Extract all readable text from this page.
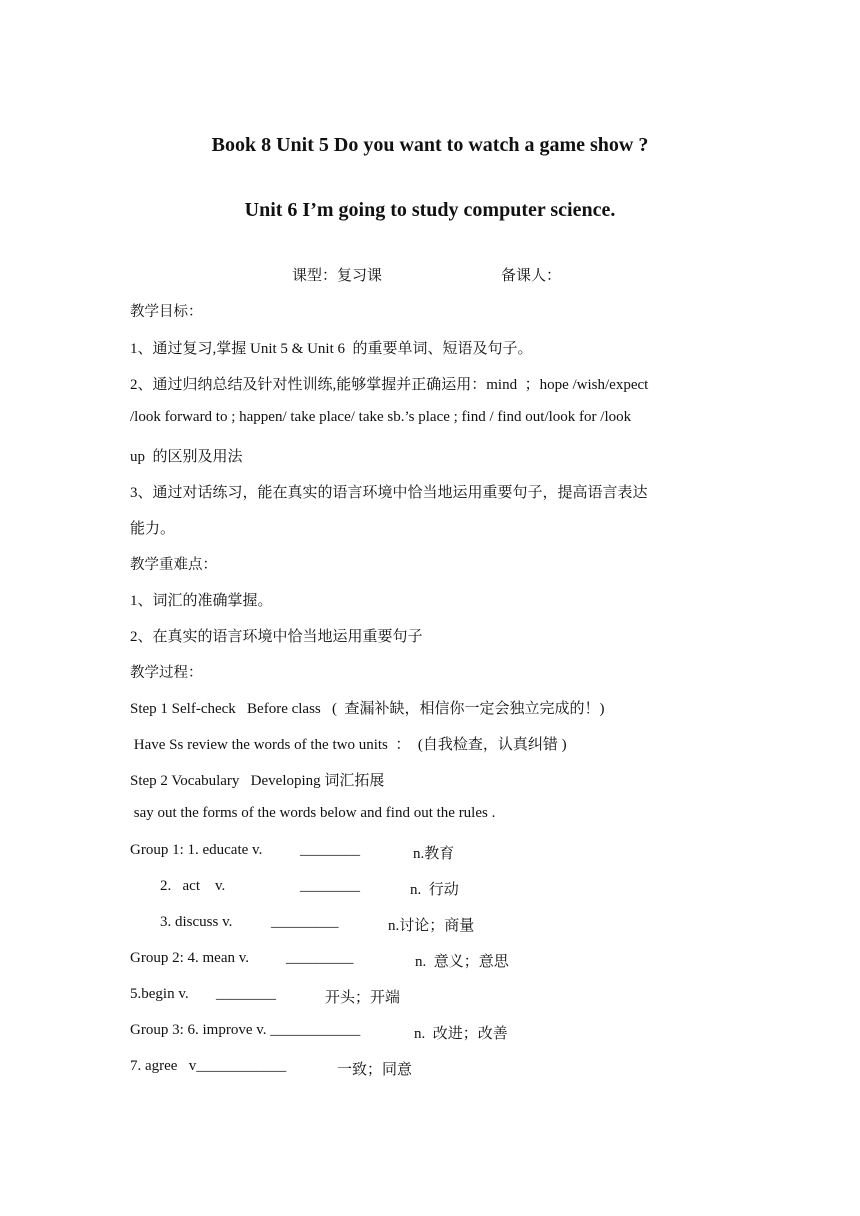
Book 8 Unit 5 Do you want to watch a game show ?
Unit 6 I’m going to study computer science.
课型：复习课	备课人：
教学目标：
1、通过复习,掌握 Unit 5 & Unit 6  的重要单词、短语及句子。
2、通过归纳总结及针对性训练,能够掌握并正确运用：mind  ；hope /wish/expect
/look forward to ; happen/ take place/ take sb.’s place ; find / find out/look for /look
up  的区别及用法
3、通过对话练习，能在真实的语言环境中恰当地运用重要句子，提高语言表达
能力。
教学重难点：
1、词汇的准确掌握。
2、在真实的语言环境中恰当地运用重要句子
教学过程：
Step 1 Self-check   Before class   (  查漏补缺，相信你一定会独立完成的！)
Have Ss review the words of the two units  ：  (自我检查，认真纠错 )
Step 2 Vocabulary   Developing 词汇拓展
say out the forms of the words below and find out the rules .
Group 1: 1. educate v.	________	n.教育
2.   act    v.	________	n.  行动
3. discuss v.	_________	n.讨论；商量
Group 2: 4. mean v. _________	n.  意义；意思
5.begin v. ________	开头；开端
Group 3: 6. improve v. ____________	n.  改进；改善
7. agree   v____________	一致；同意
